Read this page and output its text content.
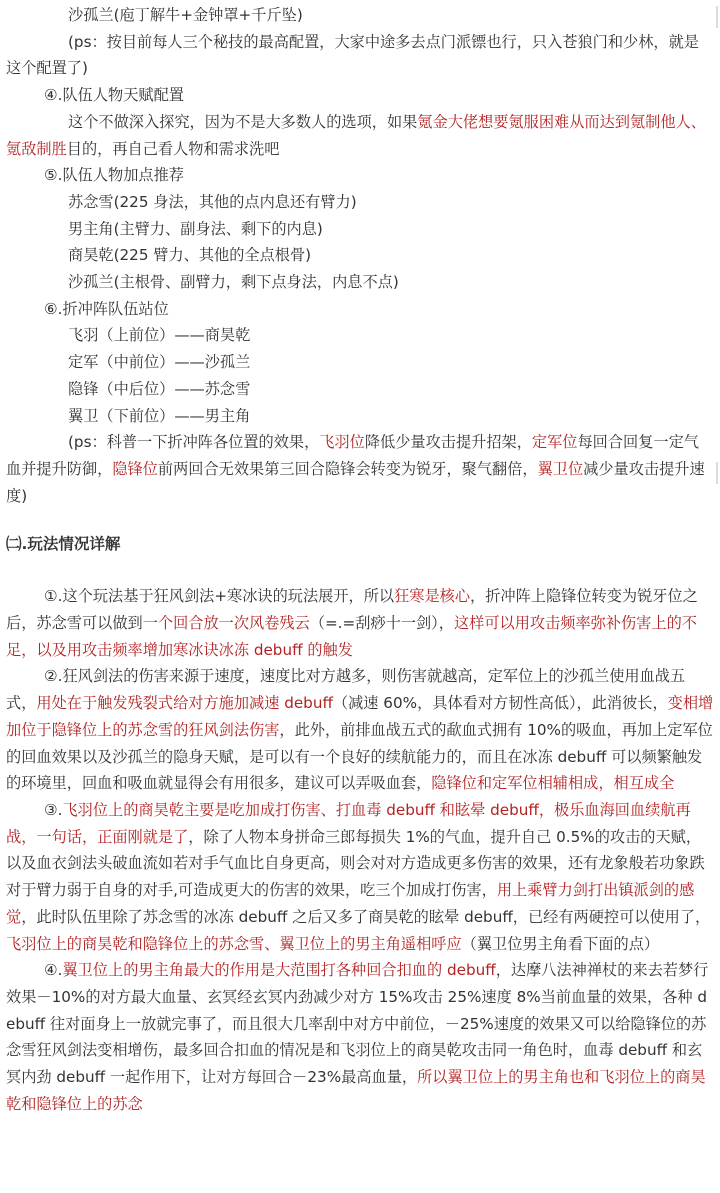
沙孤兰(庖丁解牛+金钟罩+千斤坠)

(ps：按目前每人三个秘技的最高配置，大家中途多去点门派镖也行，只入苍狼门和少林，就是这个配置了)

④.队伍人物天赋配置

这个不做深入探究，因为不是大多数人的选项，如果氪金大佬想要氪服困难从而达到氪制他人、氪敌制胜目的，再自己看人物和需求洗吧

⑤.队伍人物加点推荐

苏念雪(225 身法，其他的点内息还有臂力)

男主角(主臂力、副身法、剩下的内息)

商昊乾(225 臂力、其他的全点根骨)

沙孤兰(主根骨、副臂力，剩下点身法，内息不点)

⑥.折冲阵队伍站位

飞羽（上前位）——商昊乾

定军（中前位）——沙孤兰

隐锋（中后位）——苏念雪

翼卫（下前位）——男主角

(ps：科普一下折冲阵各位置的效果，飞羽位降低少量攻击提升招架，定军位每回合回复一定气血并提升防御，隐锋位前两回合无效果第三回合隐锋会转变为锐牙，聚气翻倍，翼卫位减少量攻击提升速度)

㈡.玩法情况详解

①.这个玩法基于狂风剑法+寒冰诀的玩法展开，所以狂寒是核心，折冲阵上隐锋位转变为锐牙位之后，苏念雪可以做到一个回合放一次风卷残云（=.=刮痧十一剑），这样可以用攻击频率弥补伤害上的不足，以及用攻击频率增加寒冰诀冰冻 debuff 的触发

②.狂风剑法的伤害来源于速度，速度比对方越多，则伤害就越高，定军位上的沙孤兰使用血战五式，用处在于触发残裂式给对方施加减速 debuff（减速 60%，具体看对方韧性高低），此消彼长，变相增加位于隐锋位上的苏念雪的狂风剑法伤害，此外，前排血战五式的歃血式拥有 10%的吸血，再加上定军位的回血效果以及沙孤兰的隐身天赋，是可以有一个良好的续航能力的，而且在冰冻 debuff 可以频繁触发的环境里，回血和吸血就显得会有用很多，建议可以弄吸血套，隐锋位和定军位相辅相成，相互成全

③.飞羽位上的商昊乾主要是吃加成打伤害、打血毒 debuff 和眩晕 debuff，极乐血海回血续航再战，一句话，正面刚就是了，除了人物本身拼命三郎每损失 1%的气血，提升自己 0.5%的攻击的天赋，以及血衣剑法头破血流如若对手气血比自身更高，则会对对方造成更多伤害的效果，还有龙象般若功象跌对于臂力弱于自身的对手,可造成更大的伤害的效果，吃三个加成打伤害，用上乘臂力剑打出镇派剑的感觉，此时队伍里除了苏念雪的冰冻 debuff 之后又多了商昊乾的眩晕 debuff，已经有两硬控可以使用了，飞羽位上的商昊乾和隐锋位上的苏念雪、翼卫位上的男主角遥相呼应（翼卫位男主角看下面的点）

④.翼卫位上的男主角最大的作用是大范围打各种回合扣血的 debuff，达摩八法神禅杖的来去若梦行效果－10%的对方最大血量、玄冥经玄冥内劲减少对方 15%攻击 25%速度 8%当前血量的效果，各种 debuff 往对面身上一放就完事了，而且很大几率刮中对方中前位，－25%速度的效果又可以给隐锋位的苏念雪狂风剑法变相增伤，最多回合扣血的情况是和飞羽位上的商昊乾攻击同一角色时，血毒 debuff 和玄冥内劲 debuff 一起作用下，让对方每回合－23%最高血量，所以翼卫位上的男主角也和飞羽位上的商昊乾和隐锋位上的苏念
